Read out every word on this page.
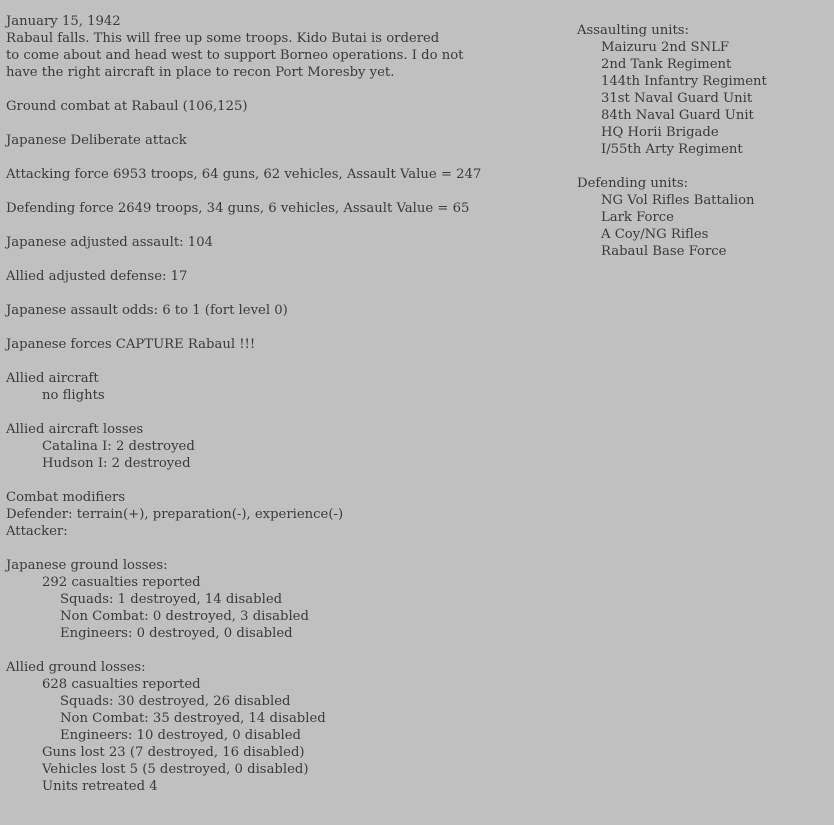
January 15, 1942
Rabaul falls. This will free up some troops. Kido Butai is ordered
to come about and head west to support Borneo operations. I do not
have the right aircraft in place to recon Port Moresby yet.
Ground combat at Rabaul (106,125)
Japanese Deliberate attack
Attacking force 6953 troops, 64 guns, 62 vehicles, Assault Value = 247
Defending force 2649 troops, 34 guns, 6 vehicles, Assault Value = 65
Japanese adjusted assault: 104
Allied adjusted defense: 17
Japanese assault odds: 6 to 1 (fort level 0)
Japanese forces CAPTURE Rabaul !!!
Allied aircraft
no flights
Allied aircraft losses
Catalina I: 2 destroyed
Hudson I: 2 destroyed
Combat modifiers
Defender: terrain(+), preparation(-), experience(-)
Attacker:
Japanese ground losses:
292 casualties reported
Squads: 1 destroyed, 14 disabled
Non Combat: 0 destroyed, 3 disabled
Engineers: 0 destroyed, 0 disabled
Allied ground losses:
628 casualties reported
Squads: 30 destroyed, 26 disabled
Non Combat: 35 destroyed, 14 disabled
Engineers: 10 destroyed, 0 disabled
Guns lost 23 (7 destroyed, 16 disabled)
Vehicles lost 5 (5 destroyed, 0 disabled)
Units retreated 4
Assaulting units:
Maizuru 2nd SNLF
2nd Tank Regiment
144th Infantry Regiment
31st Naval Guard Unit
84th Naval Guard Unit
HQ Horii Brigade
I/55th Arty Regiment
Defending units:
NG Vol Rifles Battalion
Lark Force
A Coy/NG Rifles
Rabaul Base Force
